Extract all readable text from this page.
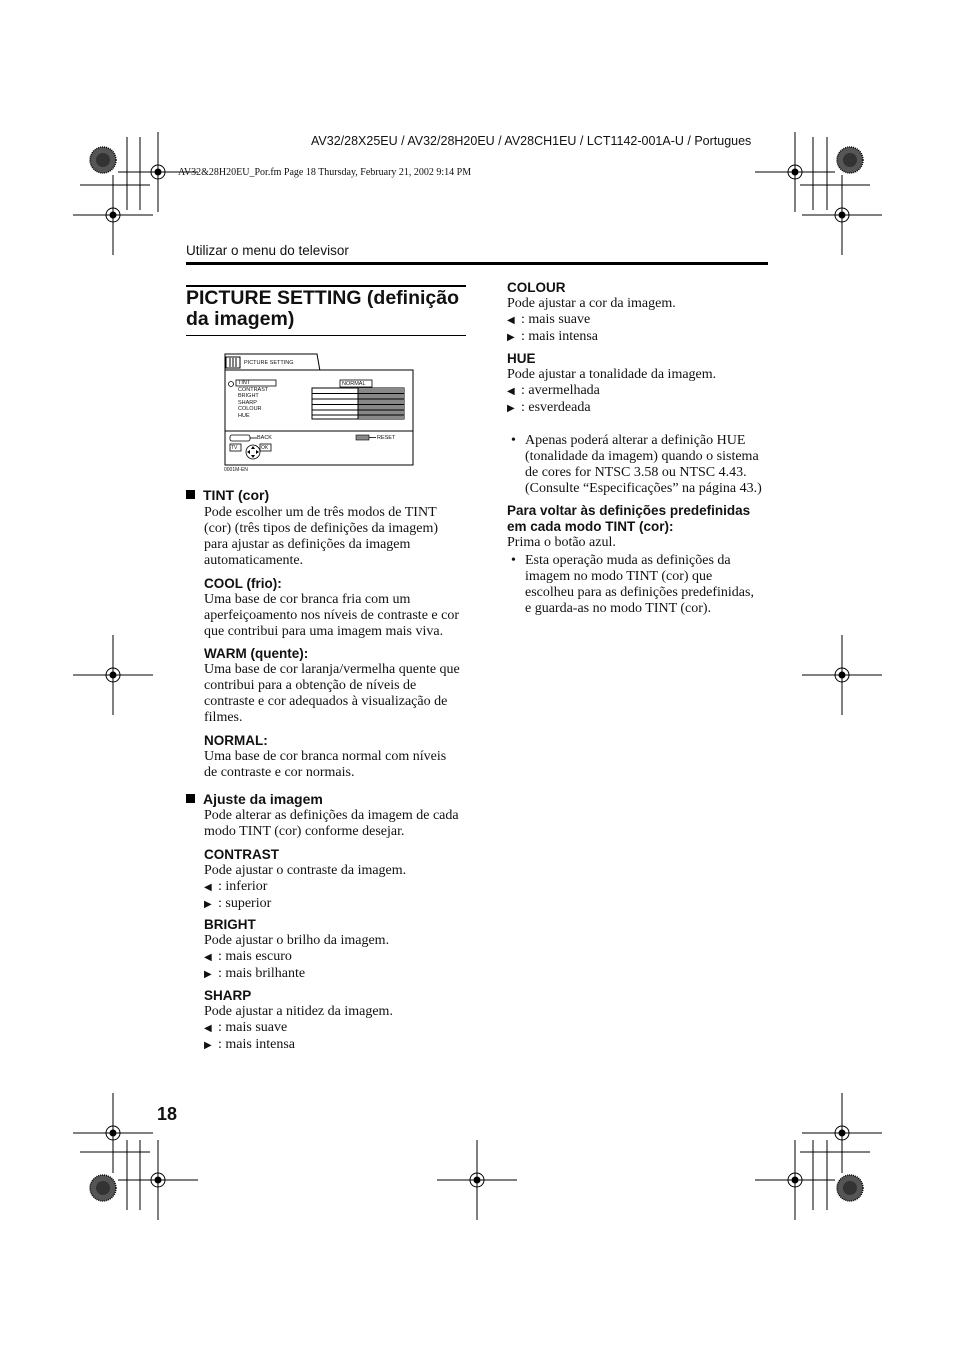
AV32/28X25EU / AV32/28H20EU / AV28CH1EU / LCT1142-001A-U / Portugues
AV32&28H20EU_Por.fm Page 18 Thursday, February 21, 2002 9:14 PM
Utilizar o menu do televisor
PICTURE SETTING (definição da imagem)
PICTURE SETTING
NORMAL
TINT
CONTRAST
BRIGHT
SHARP
COLOUR
HUE
BACK	RESET
TV	OK
0001M-EN
TINT (cor)
Pode escolher um de três modos de TINT
(cor) (três tipos de definições da imagem)
para ajustar as definições da imagem
automaticamente.
COOL (frio):
Uma base de cor branca fria com um
aperfeiçoamento nos níveis de contraste e cor
que contribui para uma imagem mais viva.
WARM (quente):
Uma base de cor laranja/vermelha quente que
contribui para a obtenção de níveis de
contraste e cor adequados à visualização de
filmes.
NORMAL:
Uma base de cor branca normal com níveis
de contraste e cor normais.
Ajuste da imagem
Pode alterar as definições da imagem de cada
modo TINT (cor) conforme desejar.
CONTRAST
Pode ajustar o contraste da imagem.
◀ : inferior
▶ : superior
BRIGHT
Pode ajustar o brilho da imagem.
◀ : mais escuro
▶ : mais brilhante
SHARP
Pode ajustar a nitidez da imagem.
◀ : mais suave
▶ : mais intensa
COLOUR
Pode ajustar a cor da imagem.
◀ : mais suave
▶ : mais intensa
HUE
Pode ajustar a tonalidade da imagem.
◀ : avermelhada
▶ : esverdeada
• Apenas poderá alterar a definição HUE
(tonalidade da imagem) quando o sistema
de cores for NTSC 3.58 ou NTSC 4.43.
(Consulte “Especificações” na página 43.)
Para voltar às definições predefinidas
em cada modo TINT (cor):
Prima o botão azul.
• Esta operação muda as definições da
imagem no modo TINT (cor) que
escolheu para as definições predefinidas,
e guarda-as no modo TINT (cor).
18
